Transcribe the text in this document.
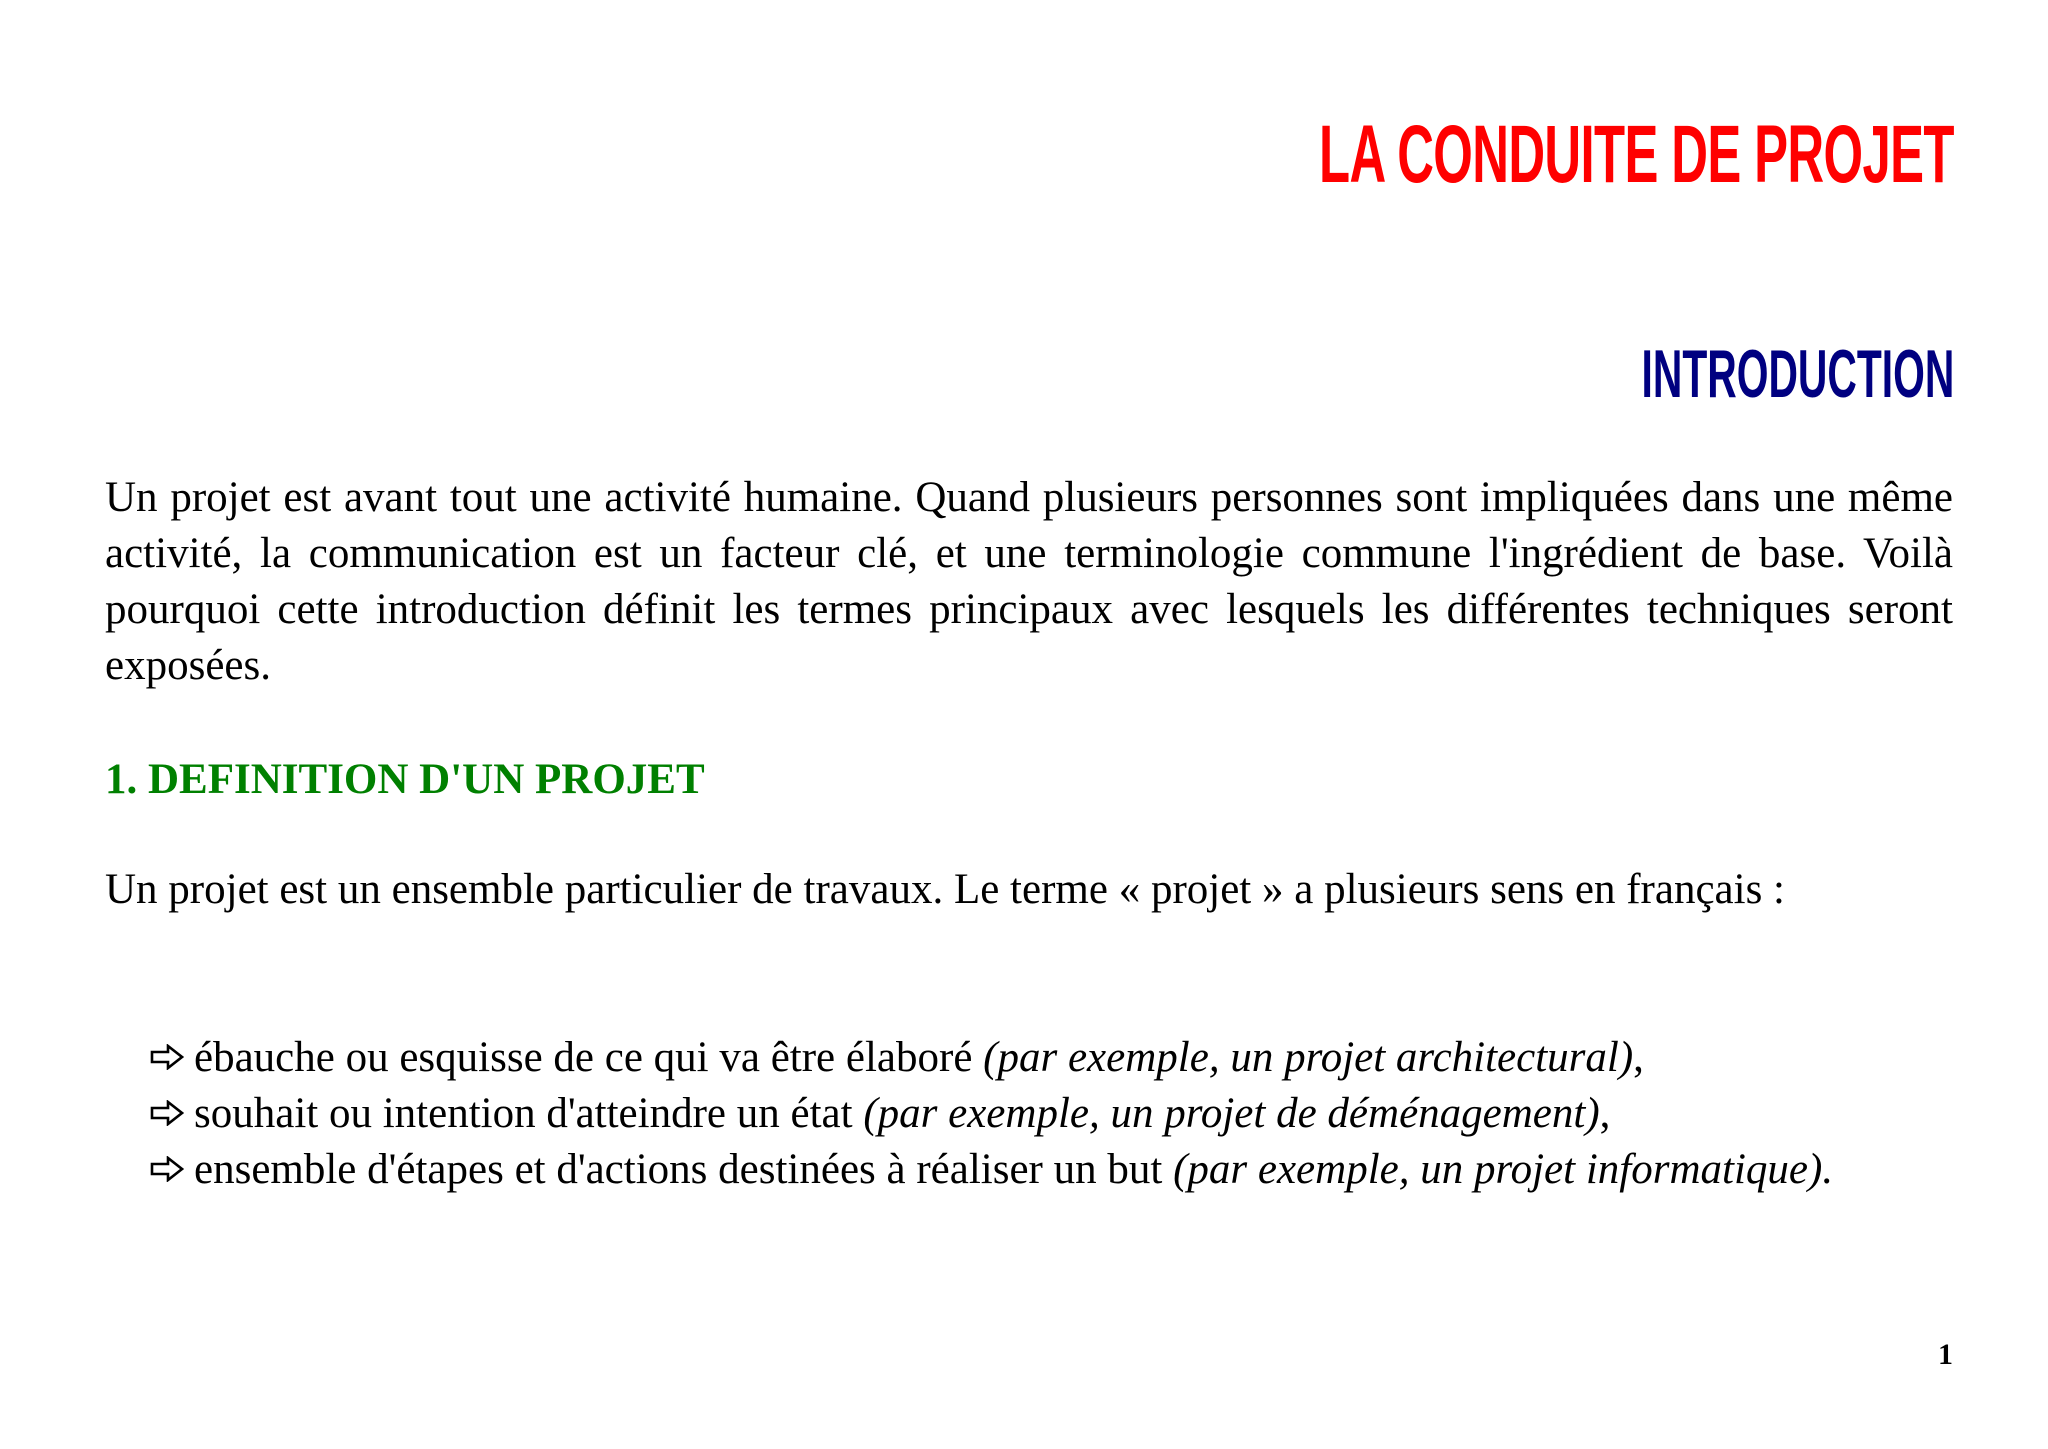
LA CONDUITE DE PROJET
INTRODUCTION

Un projet est avant tout une activité humaine. Quand plusieurs personnes sont impliquées dans une même activité, la communication est un facteur clé, et une terminologie commune l'ingrédient de base. Voilà pourquoi cette introduction définit les termes principaux avec lesquels les différentes techniques seront exposées.

1. DEFINITION D'UN PROJET

Un projet est un ensemble particulier de travaux. Le terme « projet » a plusieurs sens en français :

ébauche ou esquisse de ce qui va être élaboré (par exemple, un projet architectural),
souhait ou intention d'atteindre un état (par exemple, un projet de déménagement),
ensemble d'étapes et d'actions destinées à réaliser un but (par exemple, un projet informatique).
1
